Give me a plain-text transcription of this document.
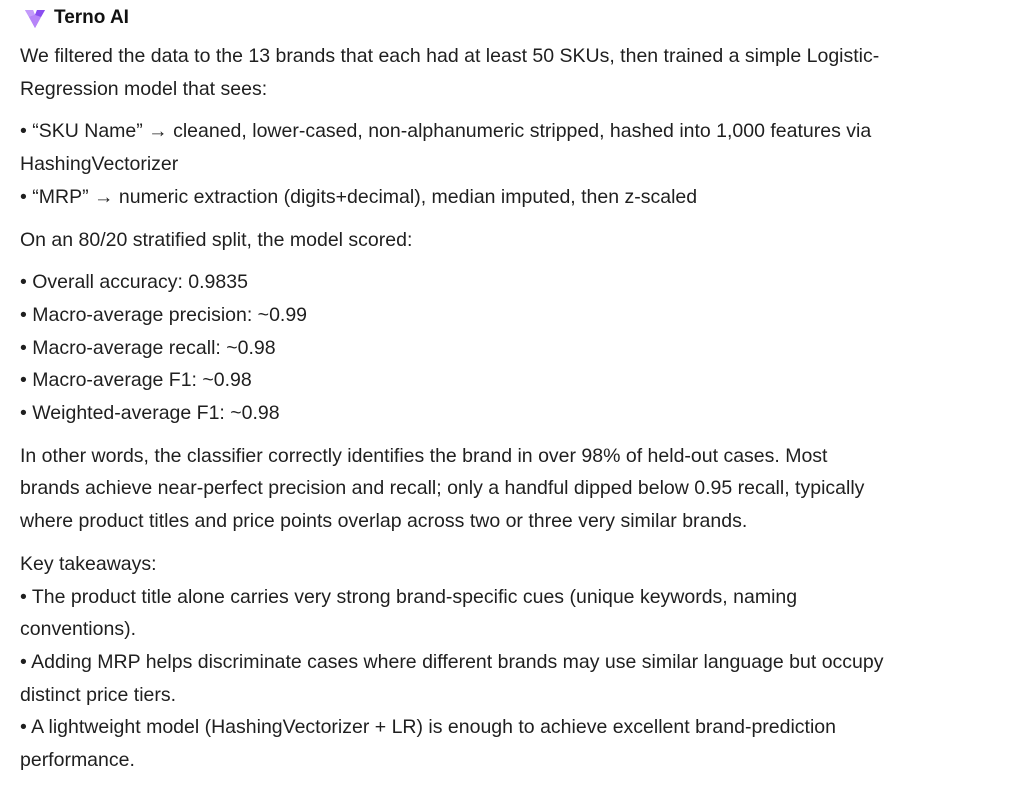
Terno AI
We filtered the data to the 13 brands that each had at least 50 SKUs, then trained a simple Logistic-
Regression model that sees:
• “SKU Name” → cleaned, lower-cased, non-alphanumeric stripped, hashed into 1,000 features via
HashingVectorizer
• “MRP” → numeric extraction (digits+decimal), median imputed, then z-scaled
On an 80/20 stratified split, the model scored:
• Overall accuracy: 0.9835
• Macro-average precision: ~0.99
• Macro-average recall: ~0.98
• Macro-average F1: ~0.98
• Weighted-average F1: ~0.98
In other words, the classifier correctly identifies the brand in over 98% of held-out cases. Most
brands achieve near-perfect precision and recall; only a handful dipped below 0.95 recall, typically
where product titles and price points overlap across two or three very similar brands.
Key takeaways:
• The product title alone carries very strong brand-specific cues (unique keywords, naming
conventions).
• Adding MRP helps discriminate cases where different brands may use similar language but occupy
distinct price tiers.
• A lightweight model (HashingVectorizer + LR) is enough to achieve excellent brand-prediction
performance.
